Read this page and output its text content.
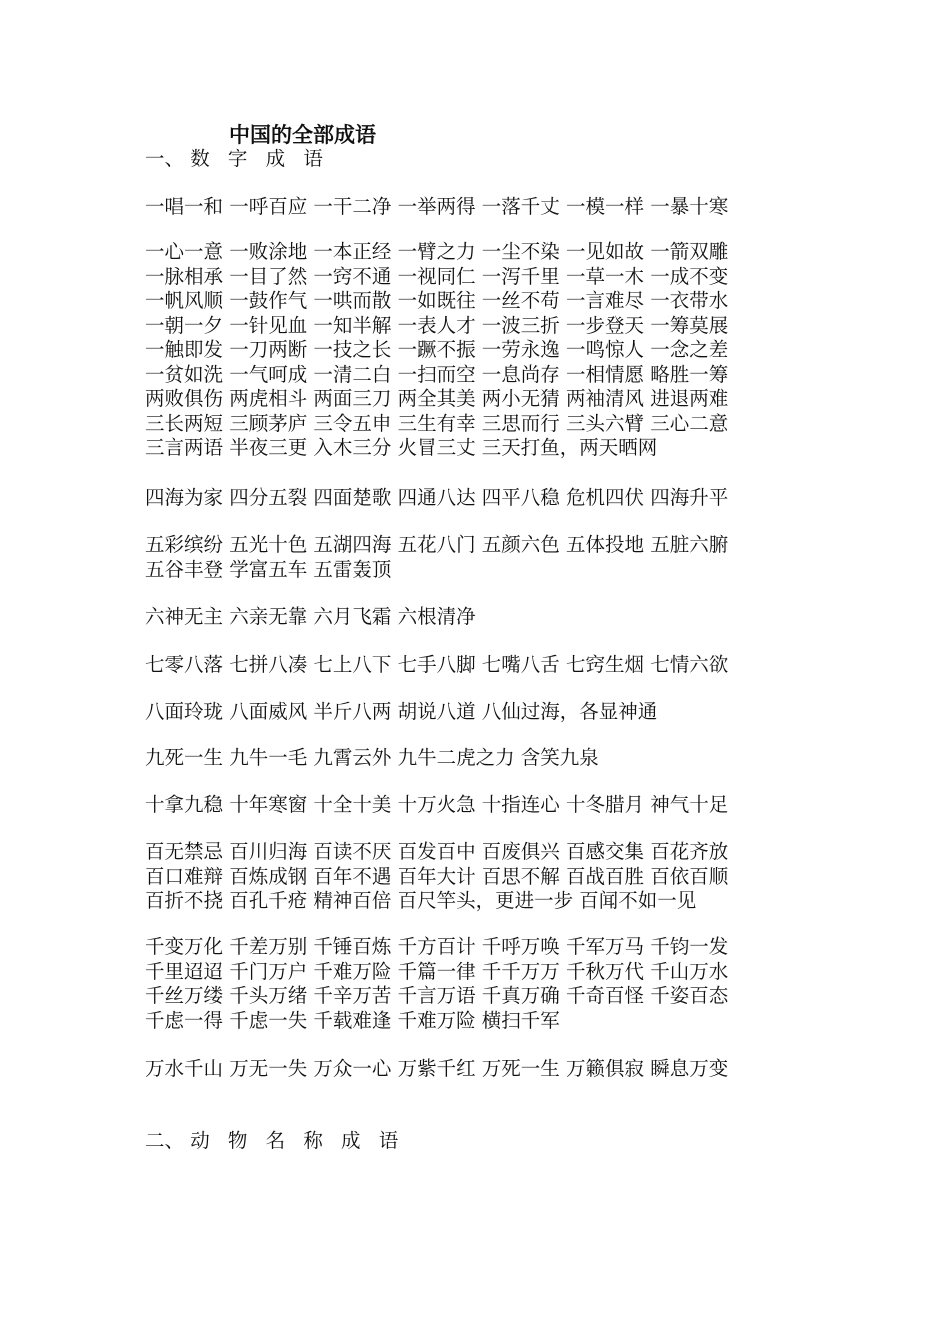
中国的全部成语
一、 数 字 成 语
一唱一和 一呼百应 一干二净 一举两得 一落千丈 一模一样 一暴十寒
一心一意 一败涂地 一本正经 一臂之力 一尘不染 一见如故 一箭双雕
一脉相承 一目了然 一窍不通 一视同仁 一泻千里 一草一木 一成不变
一帆风顺 一鼓作气 一哄而散 一如既往 一丝不苟 一言难尽 一衣带水
一朝一夕 一针见血 一知半解 一表人才 一波三折 一步登天 一筹莫展
一触即发 一刀两断 一技之长 一蹶不振 一劳永逸 一鸣惊人 一念之差
一贫如洗 一气呵成 一清二白 一扫而空 一息尚存 一相情愿 略胜一筹
两败俱伤 两虎相斗 两面三刀 两全其美 两小无猜 两袖清风 进退两难
三长两短 三顾茅庐 三令五申 三生有幸 三思而行 三头六臂 三心二意
三言两语 半夜三更 入木三分 火冒三丈 三天打鱼，两天晒网
四海为家 四分五裂 四面楚歌 四通八达 四平八稳 危机四伏 四海升平
五彩缤纷 五光十色 五湖四海 五花八门 五颜六色 五体投地 五脏六腑
五谷丰登 学富五车 五雷轰顶
六神无主 六亲无靠 六月飞霜 六根清净
七零八落 七拼八凑 七上八下 七手八脚 七嘴八舌 七窍生烟 七情六欲
八面玲珑 八面威风 半斤八两 胡说八道 八仙过海，各显神通
九死一生 九牛一毛 九霄云外 九牛二虎之力 含笑九泉
十拿九稳 十年寒窗 十全十美 十万火急 十指连心 十冬腊月 神气十足
百无禁忌 百川归海 百读不厌 百发百中 百废俱兴 百感交集 百花齐放
百口难辩 百炼成钢 百年不遇 百年大计 百思不解 百战百胜 百依百顺
百折不挠 百孔千疮 精神百倍 百尺竿头，更进一步 百闻不如一见
千变万化 千差万别 千锤百炼 千方百计 千呼万唤 千军万马 千钧一发
千里迢迢 千门万户 千难万险 千篇一律 千千万万 千秋万代 千山万水
千丝万缕 千头万绪 千辛万苦 千言万语 千真万确 千奇百怪 千姿百态
千虑一得 千虑一失 千载难逢 千难万险 横扫千军
万水千山 万无一失 万众一心 万紫千红 万死一生 万籁俱寂 瞬息万变
二、 动 物 名 称 成 语
